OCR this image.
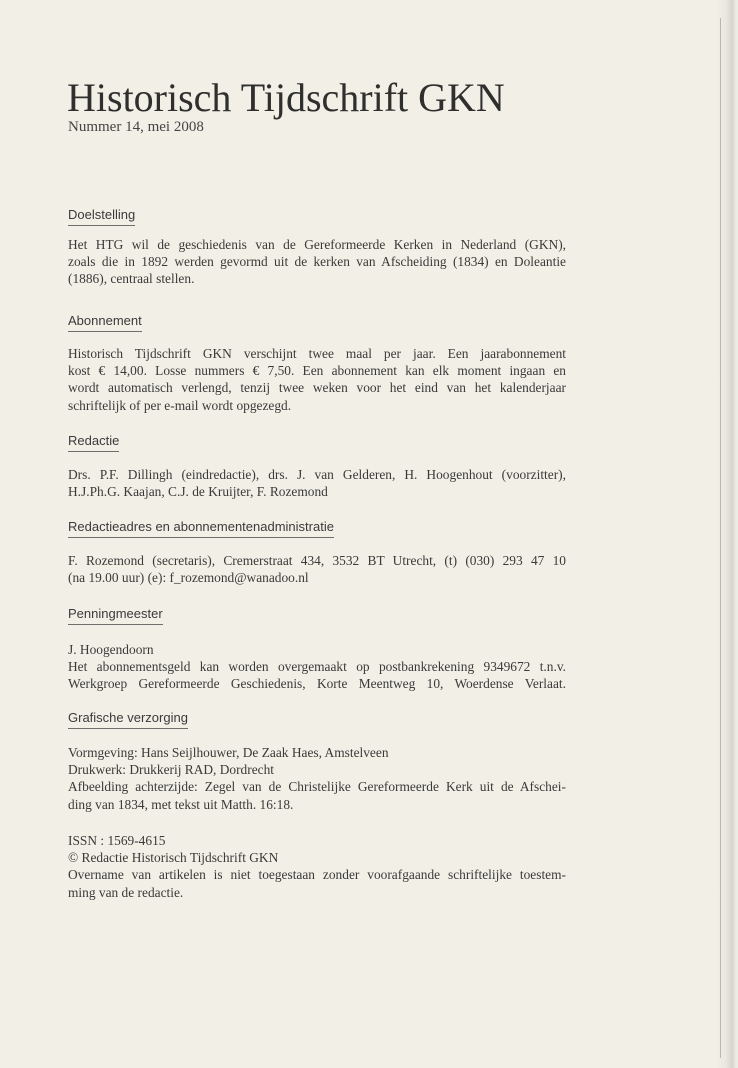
Historisch Tijdschrift GKN

Nummer 14, mei 2008

Doelstelling
Het HTG wil de geschiedenis van de Gereformeerde Kerken in Nederland (GKN),
zoals die in 1892 werden gevormd uit de kerken van Afscheiding (1834) en Doleantie
(1886), centraal stellen.
Abonnement
Historisch Tijdschrift GKN verschijnt twee maal per jaar. Een jaarabonnement
kost € 14,00. Losse nummers € 7,50. Een abonnement kan elk moment ingaan en
wordt automatisch verlengd, tenzij twee weken voor het eind van het kalenderjaar
schriftelijk of per e-mail wordt opgezegd.
Redactie
Drs. P.F. Dillingh (eindredactie), drs. J. van Gelderen, H. Hoogenhout (voorzitter),
H.J.Ph.G. Kaajan, C.J. de Kruijter, F. Rozemond
Redactieadres en abonnementenadministratie
F. Rozemond (secretaris), Cremerstraat 434, 3532 BT Utrecht, (t) (030) 293 47 10
(na 19.00 uur) (e): f_rozemond@wanadoo.nl
Penningmeester
J. Hoogendoorn
Het abonnementsgeld kan worden overgemaakt op postbankrekening 9349672 t.n.v.
Werkgroep Gereformeerde Geschiedenis, Korte Meentweg 10, Woerdense Verlaat.
Grafische verzorging
Vormgeving: Hans Seijlhouwer, De Zaak Haes, Amstelveen
Drukwerk: Drukkerij RAD, Dordrecht
Afbeelding achterzijde: Zegel van de Christelijke Gereformeerde Kerk uit de Afschei-
ding van 1834, met tekst uit Matth. 16:18.
ISSN : 1569-4615
© Redactie Historisch Tijdschrift GKN
Overname van artikelen is niet toegestaan zonder voorafgaande schriftelijke toestem-
ming van de redactie.
